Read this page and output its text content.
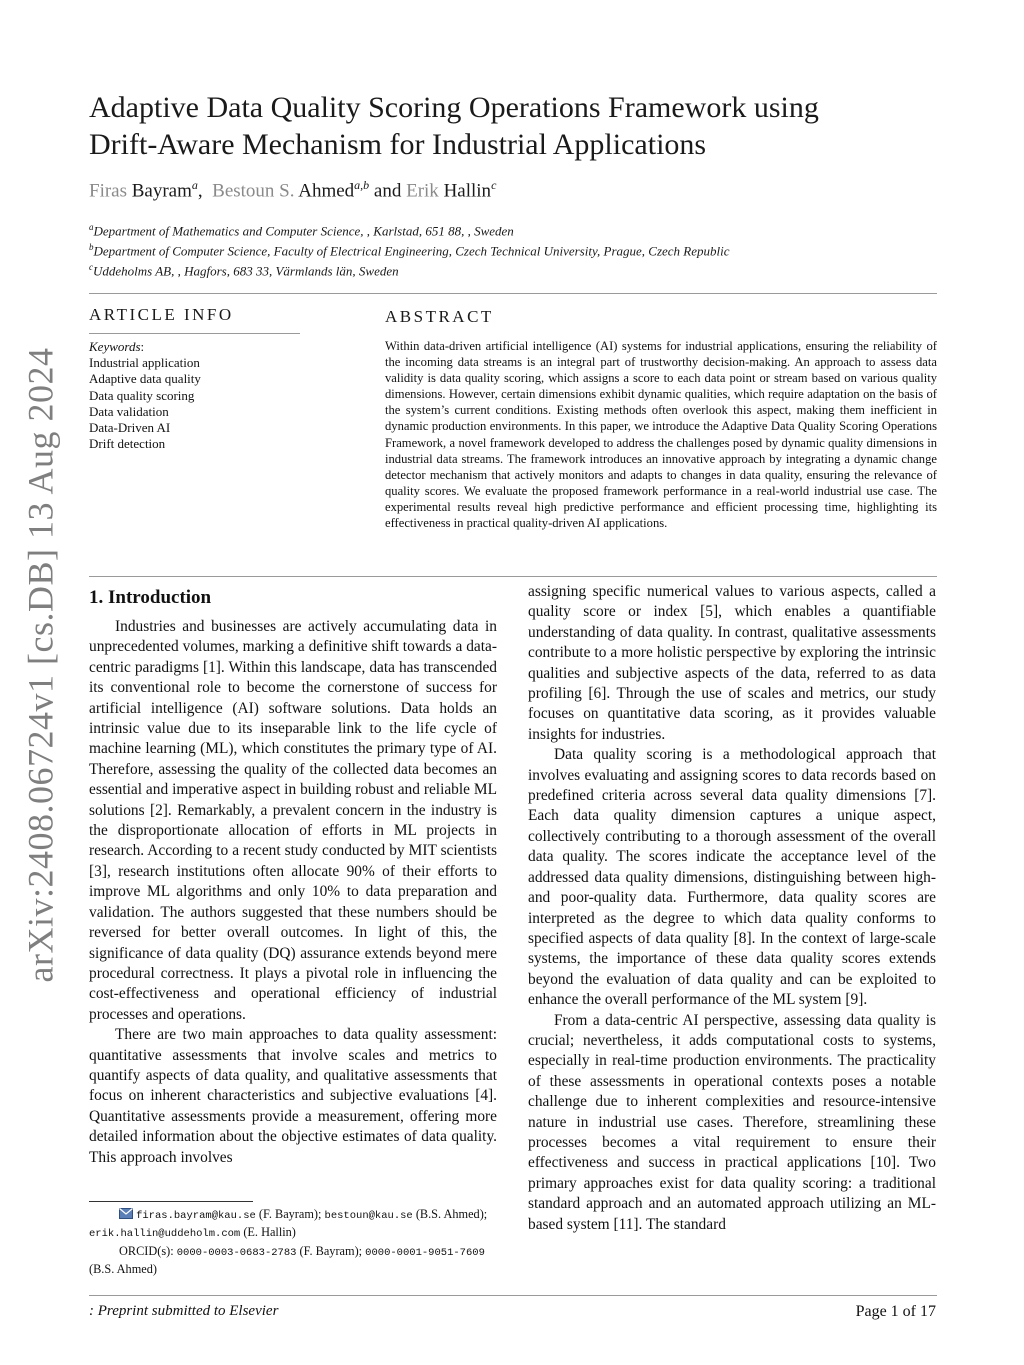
arXiv:2408.06724v1 [cs.DB] 13 Aug 2024
Adaptive Data Quality Scoring Operations Framework using
Drift-Aware Mechanism for Industrial Applications
Firas Bayram$^a$, Bestoun S. Ahmed$^{a,b}$ and Erik Hallin$^c$
$^a$Department of Mathematics and Computer Science, , Karlstad, 651 88, , Sweden
$^b$Department of Computer Science, Faculty of Electrical Engineering, Czech Technical University, Prague, Czech Republic
$^c$Uddeholms AB, , Hagfors, 683 33, Värmlands län, Sweden
ARTICLE INFO
Keywords:
Industrial application
Adaptive data quality
Data quality scoring
Data validation
Data-Driven AI
Drift detection
ABSTRACT
Within data-driven artificial intelligence (AI) systems for industrial applications, ensuring the reliability of the incoming data streams is an integral part of trustworthy decision-making. An approach to assess data validity is data quality scoring, which assigns a score to each data point or stream based on various quality dimensions. However, certain dimensions exhibit dynamic qualities, which require adaptation on the basis of the system’s current conditions. Existing methods often overlook this aspect, making them inefficient in dynamic production environments. In this paper, we introduce the Adaptive Data Quality Scoring Operations Framework, a novel framework developed to address the challenges posed by dynamic quality dimensions in industrial data streams. The framework introduces an innovative approach by integrating a dynamic change detector mechanism that actively monitors and adapts to changes in data quality, ensuring the relevance of quality scores. We evaluate the proposed framework performance in a real-world industrial use case. The experimental results reveal high predictive performance and efficient processing time, highlighting its effectiveness in practical quality-driven AI applications.
1. Introduction

Industries and businesses are actively accumulating data in unprecedented volumes, marking a definitive shift towards a data-centric paradigms [1]. Within this landscape, data has transcended its conventional role to become the cornerstone of success for artificial intelligence (AI) software solutions. Data holds an intrinsic value due to its inseparable link to the life cycle of machine learning (ML), which constitutes the primary type of AI. Therefore, assessing the quality of the collected data becomes an essential and imperative aspect in building robust and reliable ML solutions [2]. Remarkably, a prevalent concern in the industry is the disproportionate allocation of efforts in ML projects in research. According to a recent study conducted by MIT scientists [3], research institutions often allocate 90% of their efforts to improve ML algorithms and only 10% to data preparation and validation. The authors suggested that these numbers should be reversed for better overall outcomes. In light of this, the significance of data quality (DQ) assurance extends beyond mere procedural correctness. It plays a pivotal role in influencing the cost-effectiveness and operational efficiency of industrial processes and operations.

There are two main approaches to data quality assessment: quantitative assessments that involve scales and metrics to quantify aspects of data quality, and qualitative assessments that focus on inherent characteristics and subjective evaluations [4]. Quantitative assessments provide a measurement, offering more detailed information about the objective estimates of data quality. This approach involves

assigning specific numerical values to various aspects, called a quality score or index [5], which enables a quantifiable understanding of data quality. In contrast, qualitative assessments contribute to a more holistic perspective by exploring the intrinsic qualities and subjective aspects of the data, referred to as data profiling [6]. Through the use of scales and metrics, our study focuses on quantitative data scoring, as it provides valuable insights for industries.

Data quality scoring is a methodological approach that involves evaluating and assigning scores to data records based on predefined criteria across several data quality dimensions [7]. Each data quality dimension captures a unique aspect, collectively contributing to a thorough assessment of the overall data quality. The scores indicate the acceptance level of the addressed data quality dimensions, distinguishing between high- and poor-quality data. Furthermore, data quality scores are interpreted as the degree to which data quality conforms to specified aspects of data quality [8]. In the context of large-scale systems, the importance of these data quality scores extends beyond the evaluation of data quality and can be exploited to enhance the overall performance of the ML system [9].

From a data-centric AI perspective, assessing data quality is crucial; nevertheless, it adds computational costs to systems, especially in real-time production environments. The practicality of these assessments in operational contexts poses a notable challenge due to inherent complexities and resource-intensive nature in industrial use cases. Therefore, streamlining these processes becomes a vital requirement to ensure their effectiveness and success in practical applications [10]. Two primary approaches exist for data quality scoring: a traditional standard approach and an automated approach utilizing an ML-based system [11]. The standard

firas.bayram@kau.se (F. Bayram); bestoun@kau.se (B.S. Ahmed); erik.hallin@uddeholm.com (E. Hallin)
ORCID(s): 0000-0003-0683-2783 (F. Bayram); 0000-0001-9051-7609
(B.S. Ahmed)
: Preprint submitted to Elsevier	Page 1 of 17
